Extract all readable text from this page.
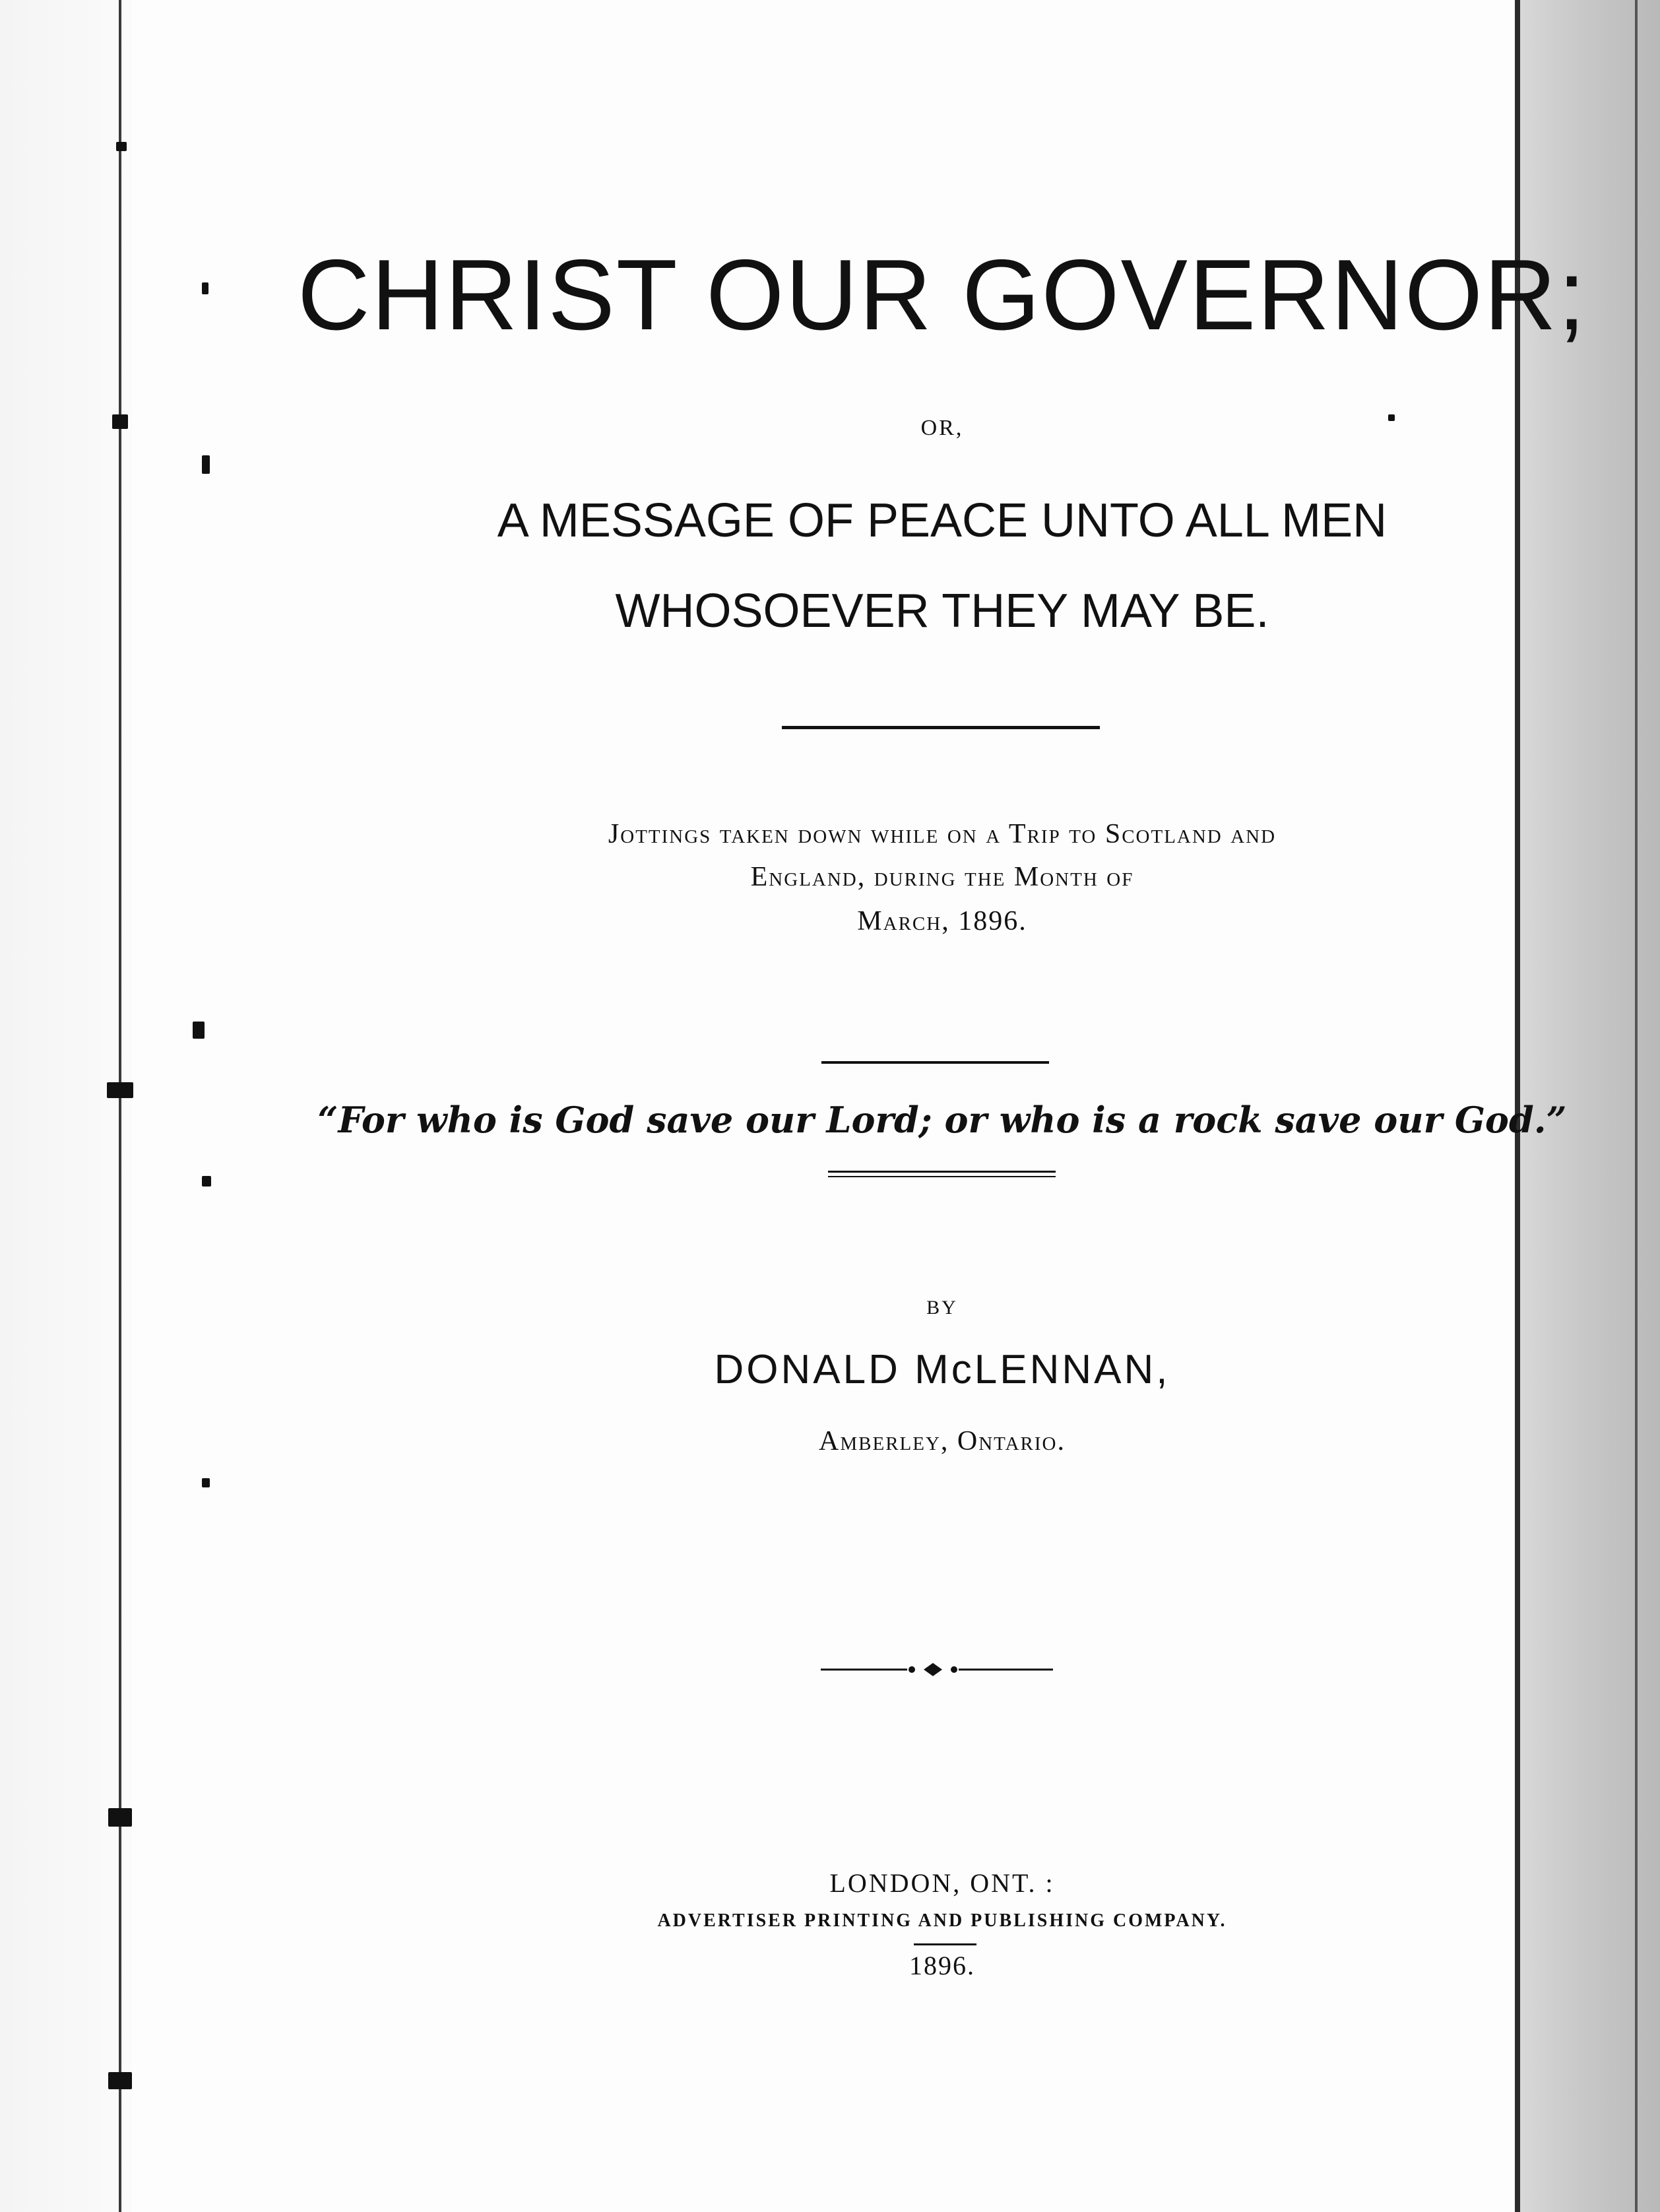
CHRIST OUR GOVERNOR;
OR,
A MESSAGE OF PEACE UNTO ALL MEN
WHOSOEVER THEY MAY BE.
Jottings taken down while on a Trip to Scotland and
England, during the Month of
March, 1896.
“For who is God save our Lord; or who is a rock save our God.”
BY
DONALD McLENNAN,
Amberley, Ontario.
LONDON, ONT. :
ADVERTISER PRINTING AND PUBLISHING COMPANY.
1896.
